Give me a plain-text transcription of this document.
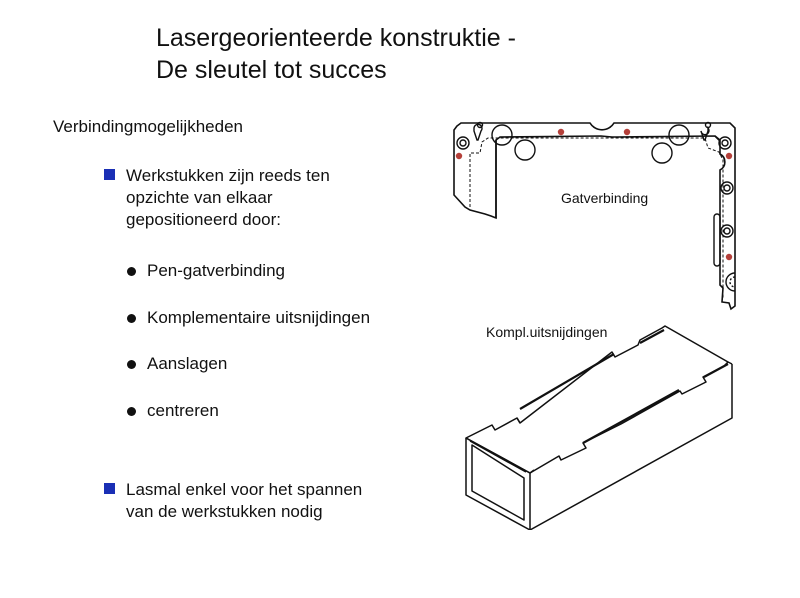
Lasergeorienteerde konstruktie -
De sleutel tot succes
Verbindingmogelijkheden
Werkstukken zijn reeds ten
opzichte van elkaar
gepositioneerd door:
Pen-gatverbinding
Komplementaire uitsnijdingen
Aanslagen
centreren
Lasmal enkel voor het spannen
van de werkstukken nodig
Gatverbinding
Kompl.uitsnijdingen
